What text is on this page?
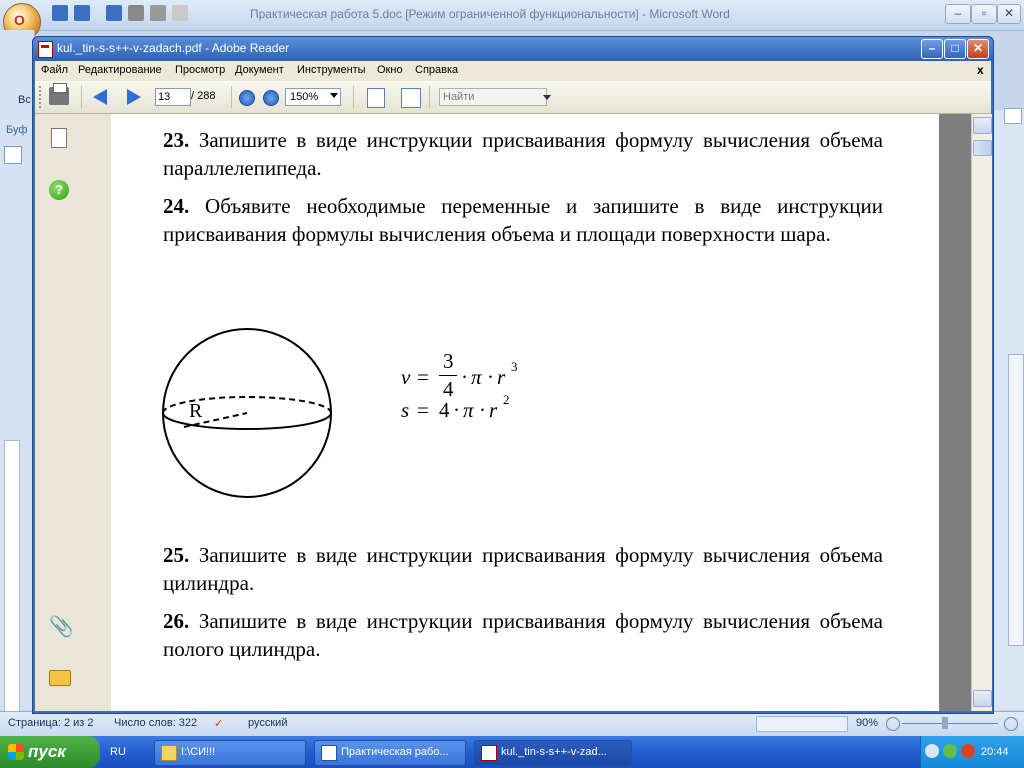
O	Практическая работа 5.doc [Режим ограниченной функциональности] - Microsoft Word	–	▫	✕
Вс
Буф
Страница: 2 из 2 Число слов: 322 ✓ русский	90%
kul._tin-s-s++-v-zadach.pdf - Adobe Reader	–	□	✕
Файл Редактирование Просмотр Документ Инструменты Окно Справка	x
13
/ 288	150%
Найти
?
📎
23. Запишите в виде инструкции присваивания формулу вычисления объема параллелепипеда.
24. Объявите необходимые переменные и запишите в виде инструкции присваивания формулы вычисления объема и площади поверхности шара.
R
v =
3
4 · π · r 3
s = 4 · π · r 2
25. Запишите в виде инструкции присваивания формулу вычисления объема цилиндра.
26. Запишите в виде инструкции присваивания формулу вычисления объема полого цилиндра.
пуск	RU	I:\СИ!!!	Практическая рабо...	kul._tin-s-s++-v-zad...	20:44
